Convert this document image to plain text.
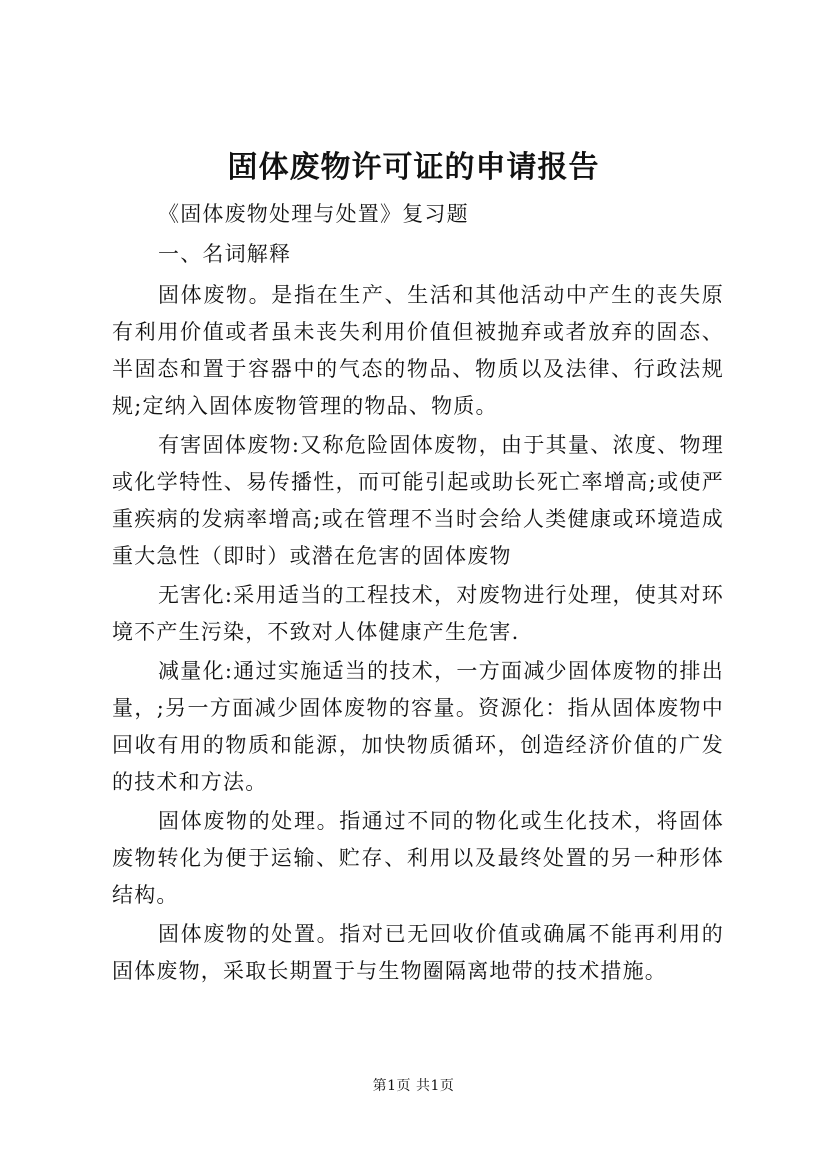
固体废物许可证的申请报告

《固体废物处理与处置》复习题

一、名词解释

固体废物。是指在生产、生活和其他活动中产生的丧失原有利用价值或者虽未丧失利用价值但被抛弃或者放弃的固态、半固态和置于容器中的气态的物品、物质以及法律、行政法规规;定纳入固体废物管理的物品、物质。

有害固体废物:又称危险固体废物，由于其量、浓度、物理或化学特性、易传播性，而可能引起或助长死亡率增高;或使严重疾病的发病率增高;或在管理不当时会给人类健康或环境造成重大急性（即时）或潜在危害的固体废物

无害化:采用适当的工程技术，对废物进行处理，使其对环境不产生污染，不致对人体健康产生危害.

减量化:通过实施适当的技术，一方面减少固体废物的排出量，;另一方面减少固体废物的容量。资源化：指从固体废物中回收有用的物质和能源，加快物质循环，创造经济价值的广发的技术和方法。

固体废物的处理。指通过不同的物化或生化技术，将固体废物转化为便于运输、贮存、利用以及最终处置的另一种形体结构。

固体废物的处置。指对已无回收价值或确属不能再利用的固体废物，采取长期置于与生物圈隔离地带的技术措施。

第1页 共1页
